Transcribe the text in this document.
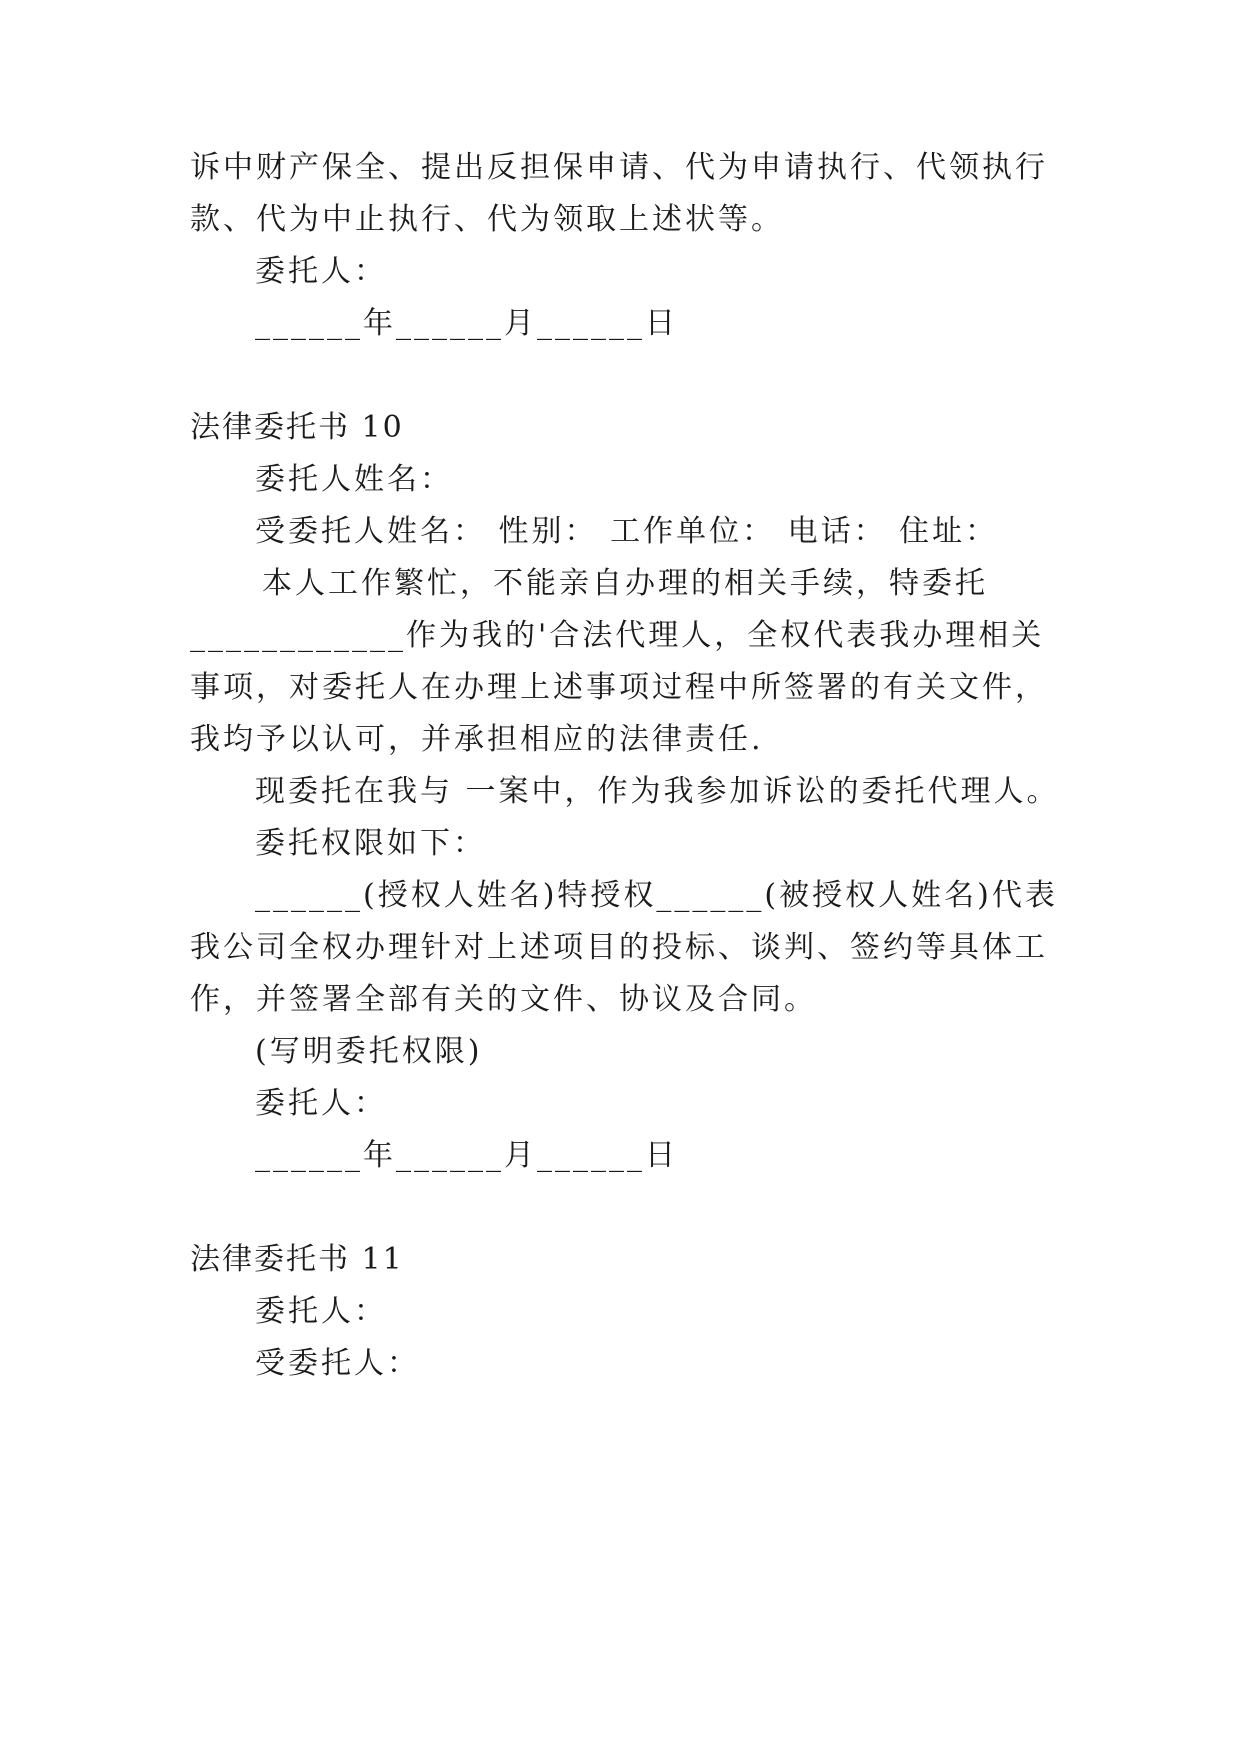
诉中财产保全、提出反担保申请、代为申请执行、代领执行
款、代为中止执行、代为领取上述状等。
委托人：
______年______月______日
法律委托书 10
委托人姓名：
受委托人姓名： 性别： 工作单位： 电话： 住址：
本人工作繁忙，不能亲自办理的相关手续，特委托
____________作为我的'合法代理人，全权代表我办理相关
事项，对委托人在办理上述事项过程中所签署的有关文件，
我均予以认可，并承担相应的法律责任.
现委托在我与 一案中，作为我参加诉讼的委托代理人。
委托权限如下：
______(授权人姓名)特授权______(被授权人姓名)代表
我公司全权办理针对上述项目的投标、谈判、签约等具体工
作，并签署全部有关的文件、协议及合同。
(写明委托权限)
委托人：
______年______月______日
法律委托书 11
委托人：
受委托人：
